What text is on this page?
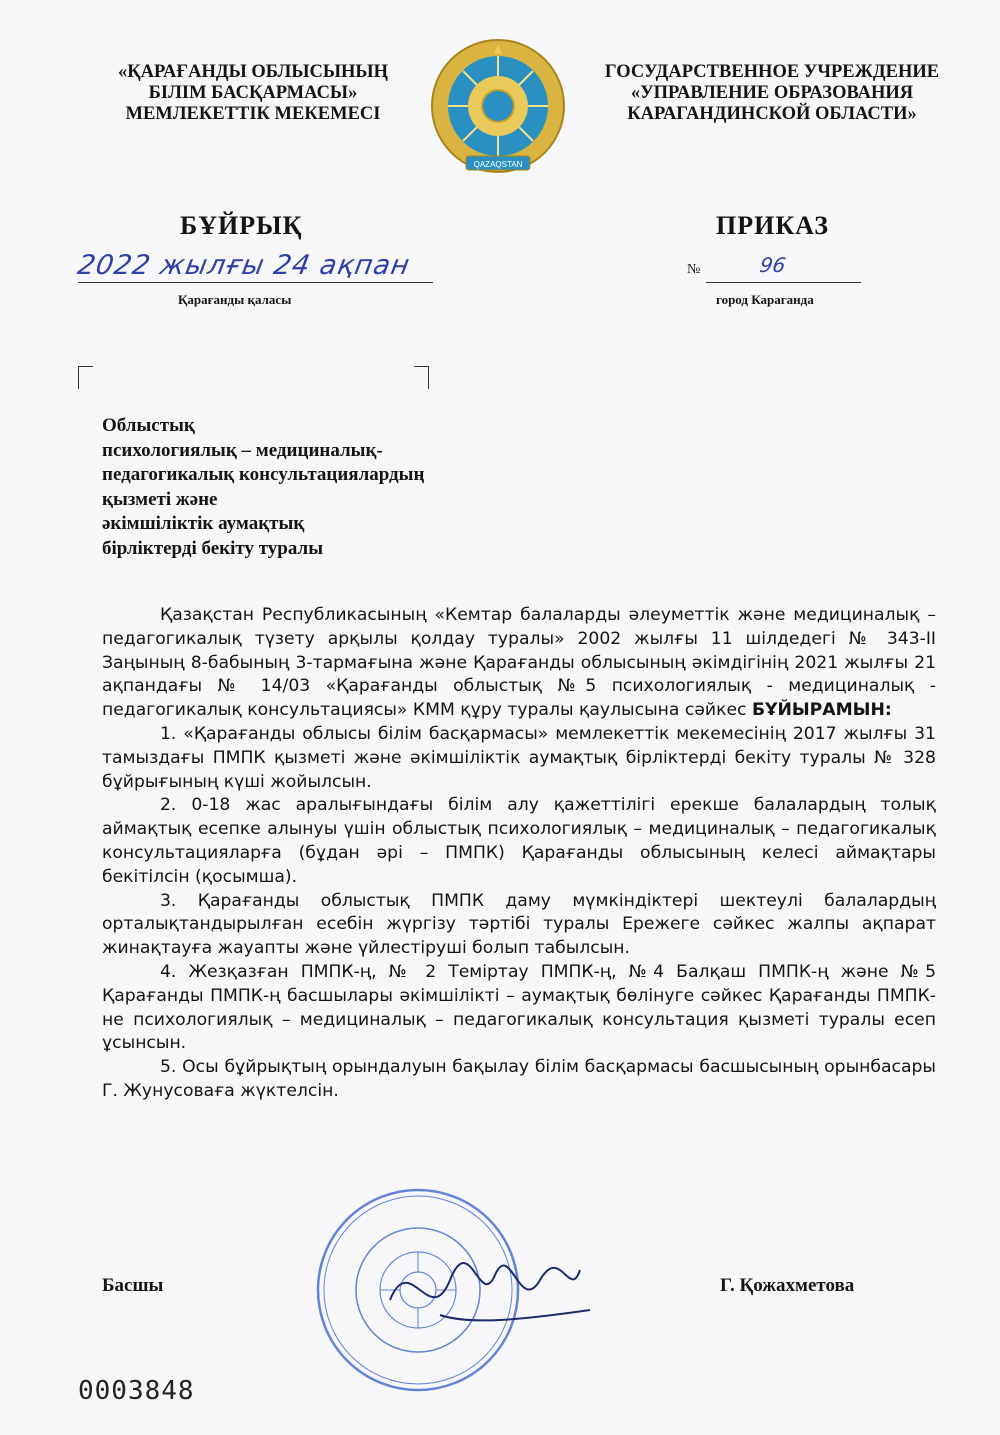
«ҚАРАҒАНДЫ ОБЛЫСЫНЫҢ
БІЛІМ БАСҚАРМАСЫ»
МЕМЛЕКЕТТІК МЕКЕМЕСІ
QAZAQSTAN
ГОСУДАРСТВЕННОЕ УЧРЕЖДЕНИЕ
«УПРАВЛЕНИЕ ОБРАЗОВАНИЯ
КАРАГАНДИНСКОЙ ОБЛАСТИ»
БҰЙРЫҚ	ПРИКАЗ
2022 жылғы 24 ақпан
Қарағанды қаласы
№	96
город Караганда
Облыстық
психологиялық – медициналық-
педагогикалық консультациялардың
қызметі және
әкімшіліктік аумақтық
бірліктерді бекіту туралы

Қазақстан Республикасының «Кемтар балаларды әлеуметтік және медициналық – педагогикалық түзету арқылы қолдау туралы» 2002 жылғы 11 шілдедегі № 343-II Заңының 8-бабының 3-тармағына және Қарағанды облысының әкімдігінің 2021 жылғы 21 ақпандағы № 14/03 «Қарағанды облыстық №5 психологиялық - медициналық - педагогикалық консультациясы» КММ құру туралы қаулысына сәйкес БҰЙЫРАМЫН:

1. «Қарағанды облысы білім басқармасы» мемлекеттік мекемесінің 2017 жылғы 31 тамыздағы ПМПК қызметі және әкімшіліктік аумақтық бірліктерді бекіту туралы № 328 бұйрығының күші жойылсын.

2. 0-18 жас аралығындағы білім алу қажеттілігі ерекше балалардың толық аймақтық есепке алынуы үшін облыстық психологиялық – медициналық – педагогикалық консультацияларға (бұдан әрі – ПМПК) Қарағанды облысының келесі аймақтары бекітілсін (қосымша).

3. Қарағанды облыстық ПМПК даму мүмкіндіктері шектеулі балалардың орталықтандырылған есебін жүргізу тәртібі туралы Ережеге сәйкес жалпы ақпарат жинақтауға жауапты және үйлестіруші болып табылсын.

4. Жезқазған ПМПК-ң, № 2 Теміртау ПМПК-ң, №4 Балқаш ПМПК-ң және №5 Қарағанды ПМПК-ң басшылары әкімшілікті – аумақтық бөлінуге сәйкес Қарағанды ПМПК-не психологиялық – медициналық – педагогикалық консультация қызметі туралы есеп ұсынсын.

5. Осы бұйрықтың орындалуын бақылау білім басқармасы басшысының орынбасары Г. Жунусоваға жүктелсін.

Басшы	Г. Қожахметова
0003848
